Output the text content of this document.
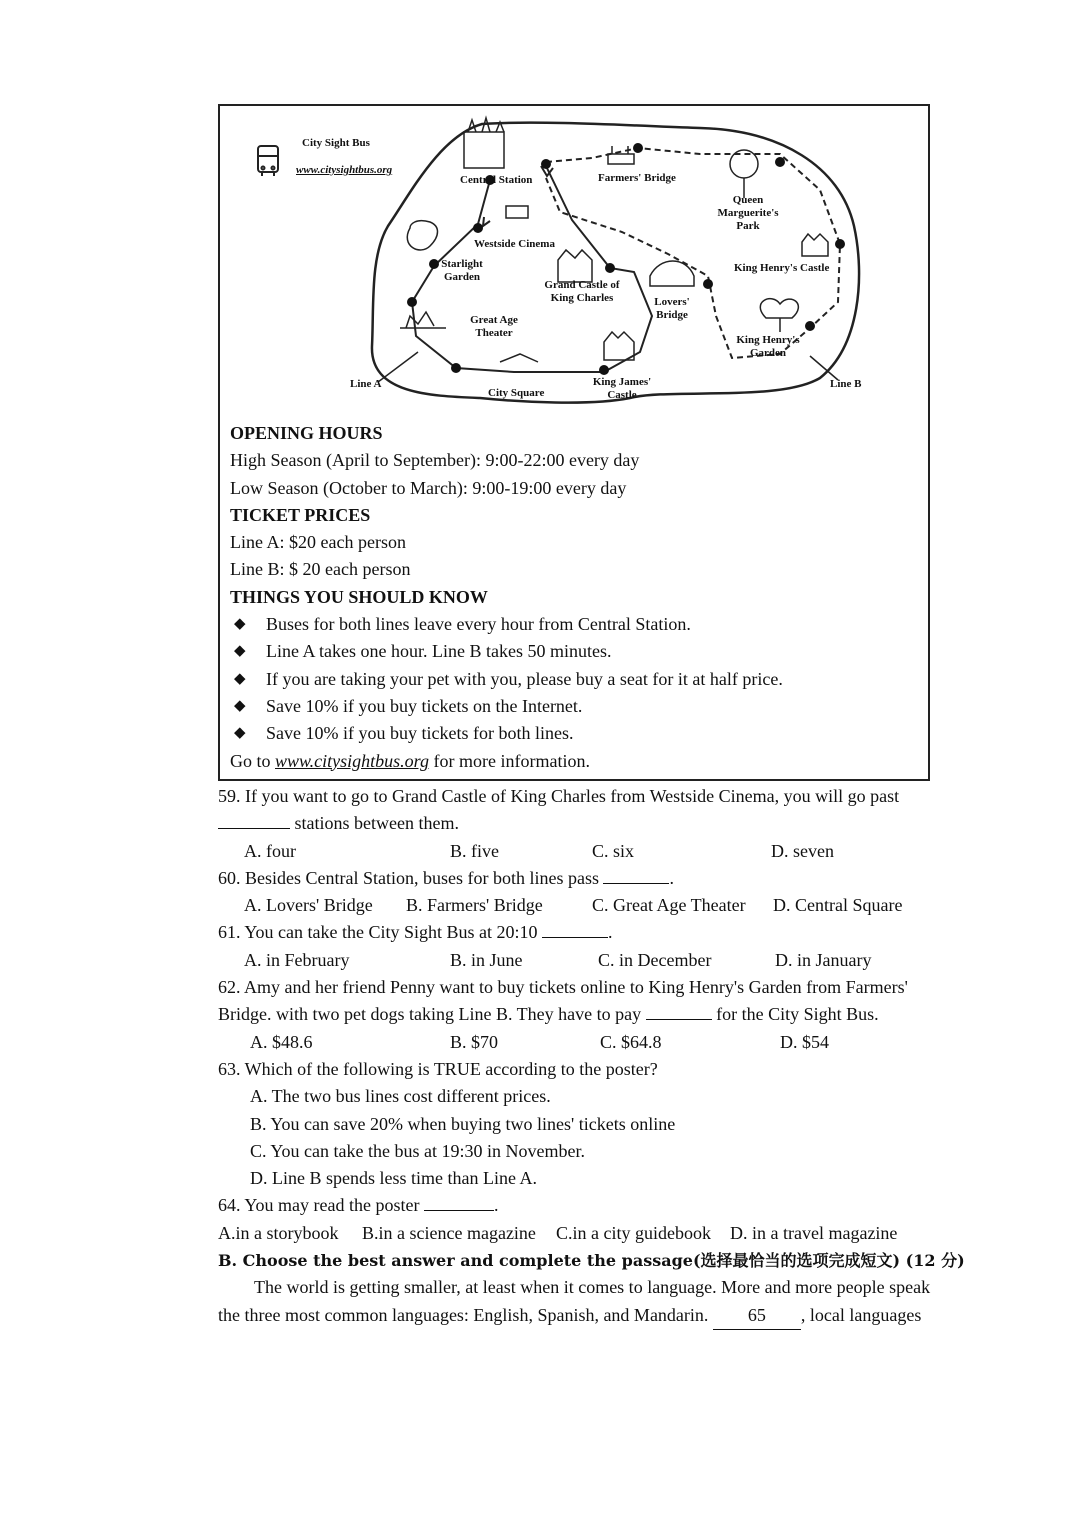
City Sight Bus
www.citysightbus.org
Central Station	Farmers' Bridge
Queen Marguerite's Park
Westside Cinema
Starlight Garden
Grand Castle of King Charles	Lovers' Bridge
King Henry's Castle
Great Age Theater
King Henry's Garden
City Square
King James' Castle
Line A	Line B
OPENING HOURS
High Season (April to September): 9:00-22:00 every day
Low Season (October to March): 9:00-19:00 every day
TICKET PRICES
Line A: $20 each person
Line B: $ 20 each person
THINGS YOU SHOULD KNOW
◆ Buses for both lines leave every hour from Central Station.
◆ Line A takes one hour. Line B takes 50 minutes.
◆ If you are taking your pet with you, please buy a seat for it at half price.
◆ Save 10% if you buy tickets on the Internet.
◆ Save 10% if you buy tickets for both lines.
Go to www.citysightbus.org for more information.
59. If you want to go to Grand Castle of King Charles from Westside Cinema, you will go past
stations between them.
A. four	B. five	C. six	D. seven
60. Besides Central Station, buses for both lines pass	.
A. Lovers' Bridge B. Farmers' Bridge	C. Great Age Theater D. Central Square
61. You can take the City Sight Bus at 20:10	.
A. in February	B. in June	C. in December	D. in January
62. Amy and her friend Penny want to buy tickets online to King Henry's Garden from Farmers'
Bridge. with two pet dogs taking Line B. They have to pay	for the City Sight Bus.
A. $48.6	B. $70	C. $64.8	D. $54
63. Which of the following is TRUE according to the poster?
A. The two bus lines cost different prices.
B. You can save 20% when buying two lines' tickets online
C. You can take the bus at 19:30 in November.
D. Line B spends less time than Line A.
64. You may read the poster	.
A.in a storybook B.in a science magazine C.in a city guidebook D. in a travel magazine
B. Choose the best answer and complete the passage(选择最恰当的选项完成短文) (12 分)
The world is getting smaller, at least when it comes to language. More and more people speak
the three most common languages: English, Spanish, and Mandarin. 65 , local languages
